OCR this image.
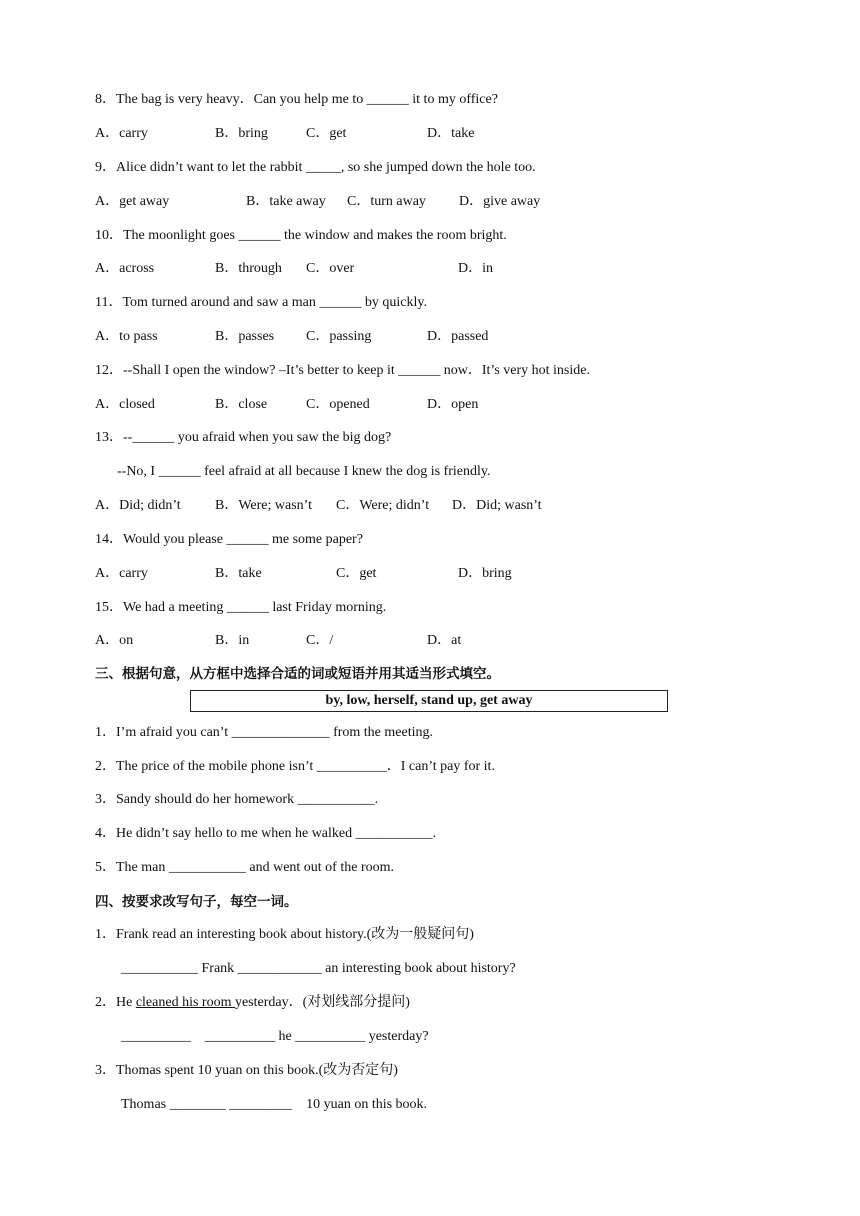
8．The bag is very heavy．Can you help me to ______ it to my office?
A．carry	B．bring	C．get	D．take
9．Alice didn’t want to let the rabbit _____, so she jumped down the hole too.
A．get away	B．take away C．turn away D．give away
10．The moonlight goes ______ the window and makes the room bright.
A．across	B．through C．over	D．in
11．Tom turned around and saw a man ______ by quickly.
A．to pass	B．passes C．passing	D．passed
12．--Shall I open the window? –It’s better to keep it ______ now．It’s very hot inside.
A．closed	B．close	C．opened	D．open
13．--______ you afraid when you saw the big dog?
--No, I ______ feel afraid at all because I knew the dog is friendly.
A．Did; didn’t B．Were; wasn’t C．Were; didn’t D．Did; wasn’t
14．Would you please ______ me some paper?
A．carry	B．take	C．get	D．bring
15．We had a meeting ______ last Friday morning.
A．on	B．in	C．/	D．at
三、根据句意，从方框中选择合适的词或短语并用其适当形式填空。
by, low, herself, stand up, get away
1．I’m afraid you can’t ______________ from the meeting.
2．The price of the mobile phone isn’t __________．I can’t pay for it.
3．Sandy should do her homework ___________.
4．He didn’t say hello to me when he walked ___________.
5．The man ___________ and went out of the room.
四、按要求改写句子，每空一词。
1．Frank read an interesting book about history.(改为一般疑问句)
___________ Frank ____________ an interesting book about history?
2．He cleaned his room yesterday．(对划线部分提问)
__________    __________ he __________ yesterday?
3．Thomas spent 10 yuan on this book.(改为否定句)
Thomas ________ _________    10 yuan on this book.
